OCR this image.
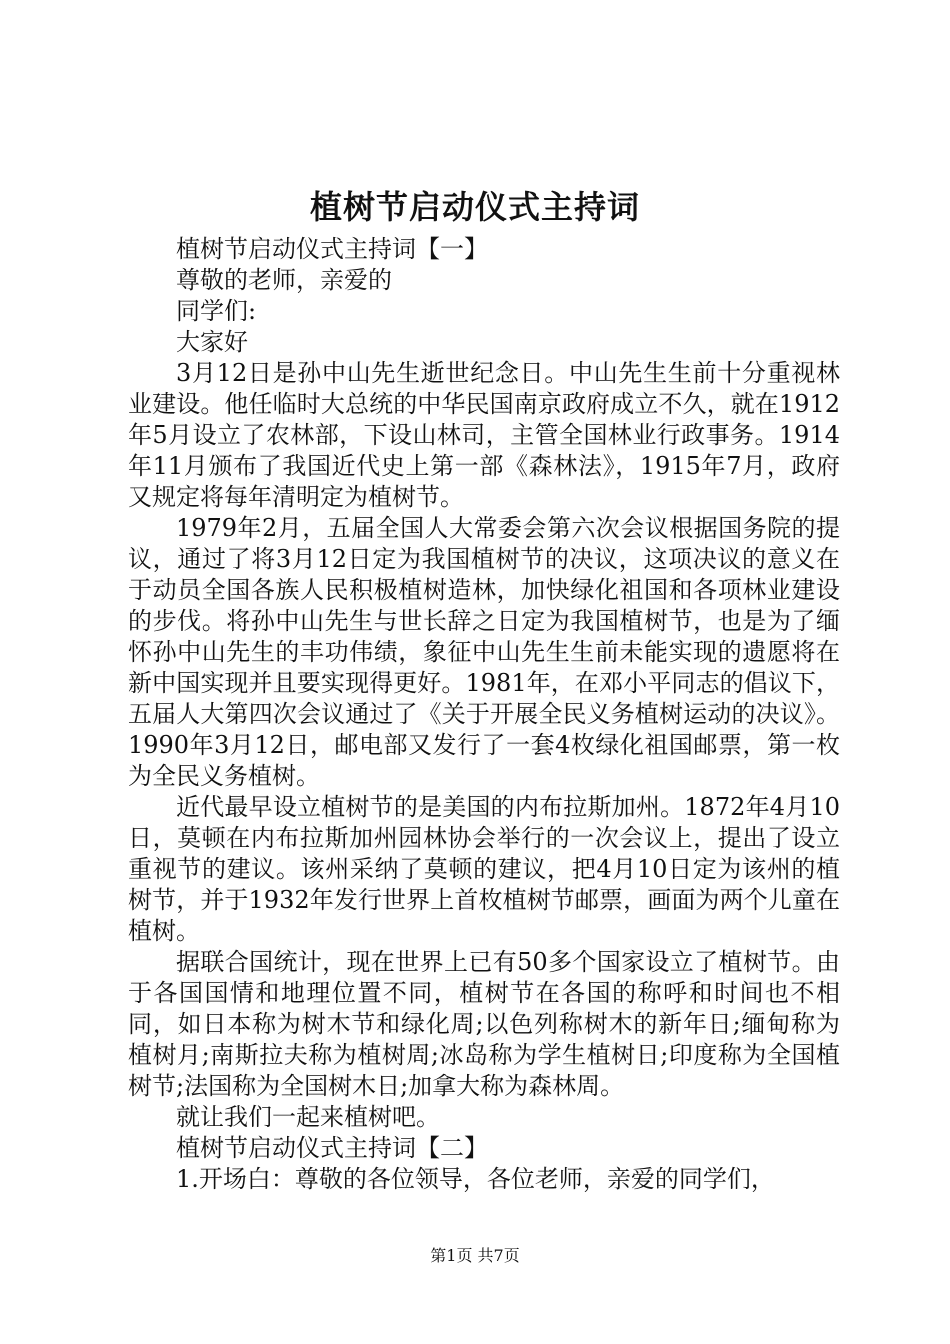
植树节启动仪式主持词

植树节启动仪式主持词【一】

尊敬的老师，亲爱的

同学们:

大家好

3月12日是孙中山先生逝世纪念日。中山先生生前十分重视林业建设。他任临时大总统的中华民国南京政府成立不久，就在1912年5月设立了农林部，下设山林司，主管全国林业行政事务。1914年11月颁布了我国近代史上第一部《森林法》，1915年7月，政府又规定将每年清明定为植树节。

1979年2月，五届全国人大常委会第六次会议根据国务院的提议，通过了将3月12日定为我国植树节的决议，这项决议的意义在于动员全国各族人民积极植树造林，加快绿化祖国和各项林业建设的步伐。将孙中山先生与世长辞之日定为我国植树节，也是为了缅怀孙中山先生的丰功伟绩，象征中山先生生前未能实现的遗愿将在新中国实现并且要实现得更好。1981年，在邓小平同志的倡议下，五届人大第四次会议通过了《关于开展全民义务植树运动的决议》。1990年3月12日，邮电部又发行了一套4枚绿化祖国邮票，第一枚为全民义务植树。

近代最早设立植树节的是美国的内布拉斯加州。1872年4月10日，莫顿在内布拉斯加州园林协会举行的一次会议上，提出了设立重视节的建议。该州采纳了莫顿的建议，把4月10日定为该州的植树节，并于1932年发行世界上首枚植树节邮票，画面为两个儿童在植树。

据联合国统计，现在世界上已有50多个国家设立了植树节。由于各国国情和地理位置不同，植树节在各国的称呼和时间也不相同，如日本称为树木节和绿化周;以色列称树木的新年日;缅甸称为植树月;南斯拉夫称为植树周;冰岛称为学生植树日;印度称为全国植树节;法国称为全国树木日;加拿大称为森林周。

就让我们一起来植树吧。

植树节启动仪式主持词【二】

1.开场白：尊敬的各位领导，各位老师，亲爱的同学们，

第1页 共7页
